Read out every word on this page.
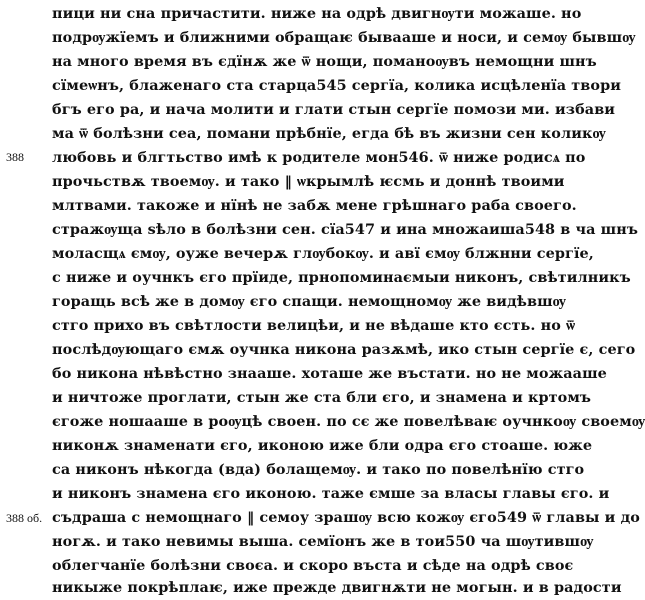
388
388 об.
пици ни сна причастити. ниже на одрѣ двигнѹти можаше. но
подрѹжїемъ и ближними обращаѥ бывааше и носи, и семѹ бывшѹ
на много время въ єдїнѫ же ѿ нощи, поманоѹвъ немощни шнъ
сїмеѡнъ, блаженаго ста старца545 сергїа, колика исцѣленїа твори
бгъ его ра, и нача молити и глати стын сергїе помози ми. избави
ма ѿ болѣзни сеа, помани прѣбнїе, егда бѣ въ жизни сен коликѹ
любовь и блгтьство имѣ к родителе мон546. ѿ нижe родисѧ по
прочьствѫ твоемѹ. и тако ‖ ѡкрымлѣ ѥсмь и доннѣ твоими
млтвами. такоже и нїнѣ не забѫ мене грѣшнаго раба своего.
стражѹща ѕѣло в болѣзни сен. сїа547 и ина множаиша548 в ча шнъ
моласщѧ ємѹ, оуже вечерѫ глѹбокѹ. и авї ємѹ блжнни сергїе,
с ниже и оучнкъ єго прїиде, прнопоминаємыи никонъ, свѣтилникъ
горащь всѣ же в домѹ єго спащи. немощномѹ же видѣвшѹ
стго прихо въ свѣтлости велицѣи, и не вѣдаше кто єсть. но ѿ
послѣдѹющаго ємѫ оучнка никона разѫмѣ, ико стын сергїе є, сего
бо никона нѣвѣстно знааше. хоташе же въстати. но не можааше
и ничтоже проглати, стын же ста бли єго, и знамена и кртомъ
єгоже ношааше в роѹцѣ своен. по сє же повелѣваѥ оучнкоѹ своемѹ
никонѫ знаменати єго, иконою иже бли одра єго стоаше. юже
са никонъ нѣкогда (вда) болащемѹ. и тако по повелѣнїю стго
и никонъ знамена єго иконою. таже ємше за власы главы єго. и
съдраша с немощнаго ‖ семоу зрашѹ всю кожѹ єго549 ѿ главы и до
ногѫ. и тако невимы выша. семїонъ же в тои550 ча шѹтившѹ
облегчанїе болѣзни своєа. и скоро въста и сѣде на одрѣ своє
никыже покрѣплаѥ, иже прежде двигнѫти не могын. и в радости
